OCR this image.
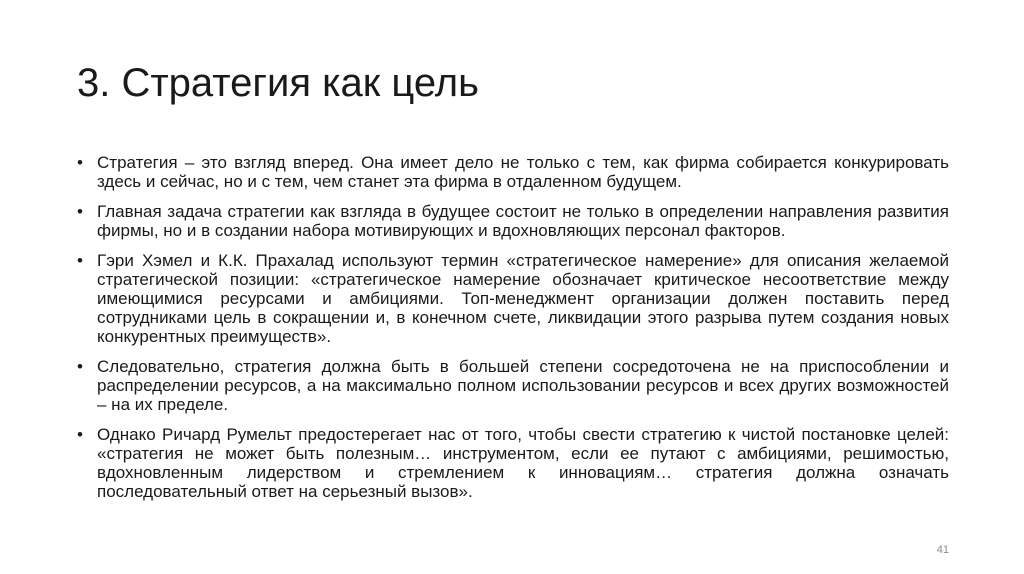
3. Стратегия как цель
• Стратегия – это взгляд вперед. Она имеет дело не только с тем, как фирма собирается конкурировать здесь и сейчас, но и с тем, чем станет эта фирма в отдаленном будущем.
• Главная задача стратегии как взгляда в будущее состоит не только в определении направления развития фирмы, но и в создании набора мотивирующих и вдохновляющих персонал факторов.
• Гэри Хэмел и К.К. Прахалад используют термин «стратегическое намерение» для описания желаемой стратегической позиции: «стратегическое намерение обозначает критическое несоответствие между имеющимися ресурсами и амбициями. Топ-менеджмент организации должен поставить перед сотрудниками цель в сокращении и, в конечном счете, ликвидации этого разрыва путем создания новых конкурентных преимуществ».
• Следовательно, стратегия должна быть в большей степени сосредоточена не на приспособлении и распределении ресурсов, а на максимально полном использовании ресурсов и всех других возможностей – на их пределе.
• Однако Ричард Румельт предостерегает нас от того, чтобы свести стратегию к чистой постановке целей: «стратегия не может быть полезным… инструментом, если ее путают с амбициями, решимостью, вдохновленным лидерством и стремлением к инновациям… стратегия должна означать последовательный ответ на серьезный вызов».
41
